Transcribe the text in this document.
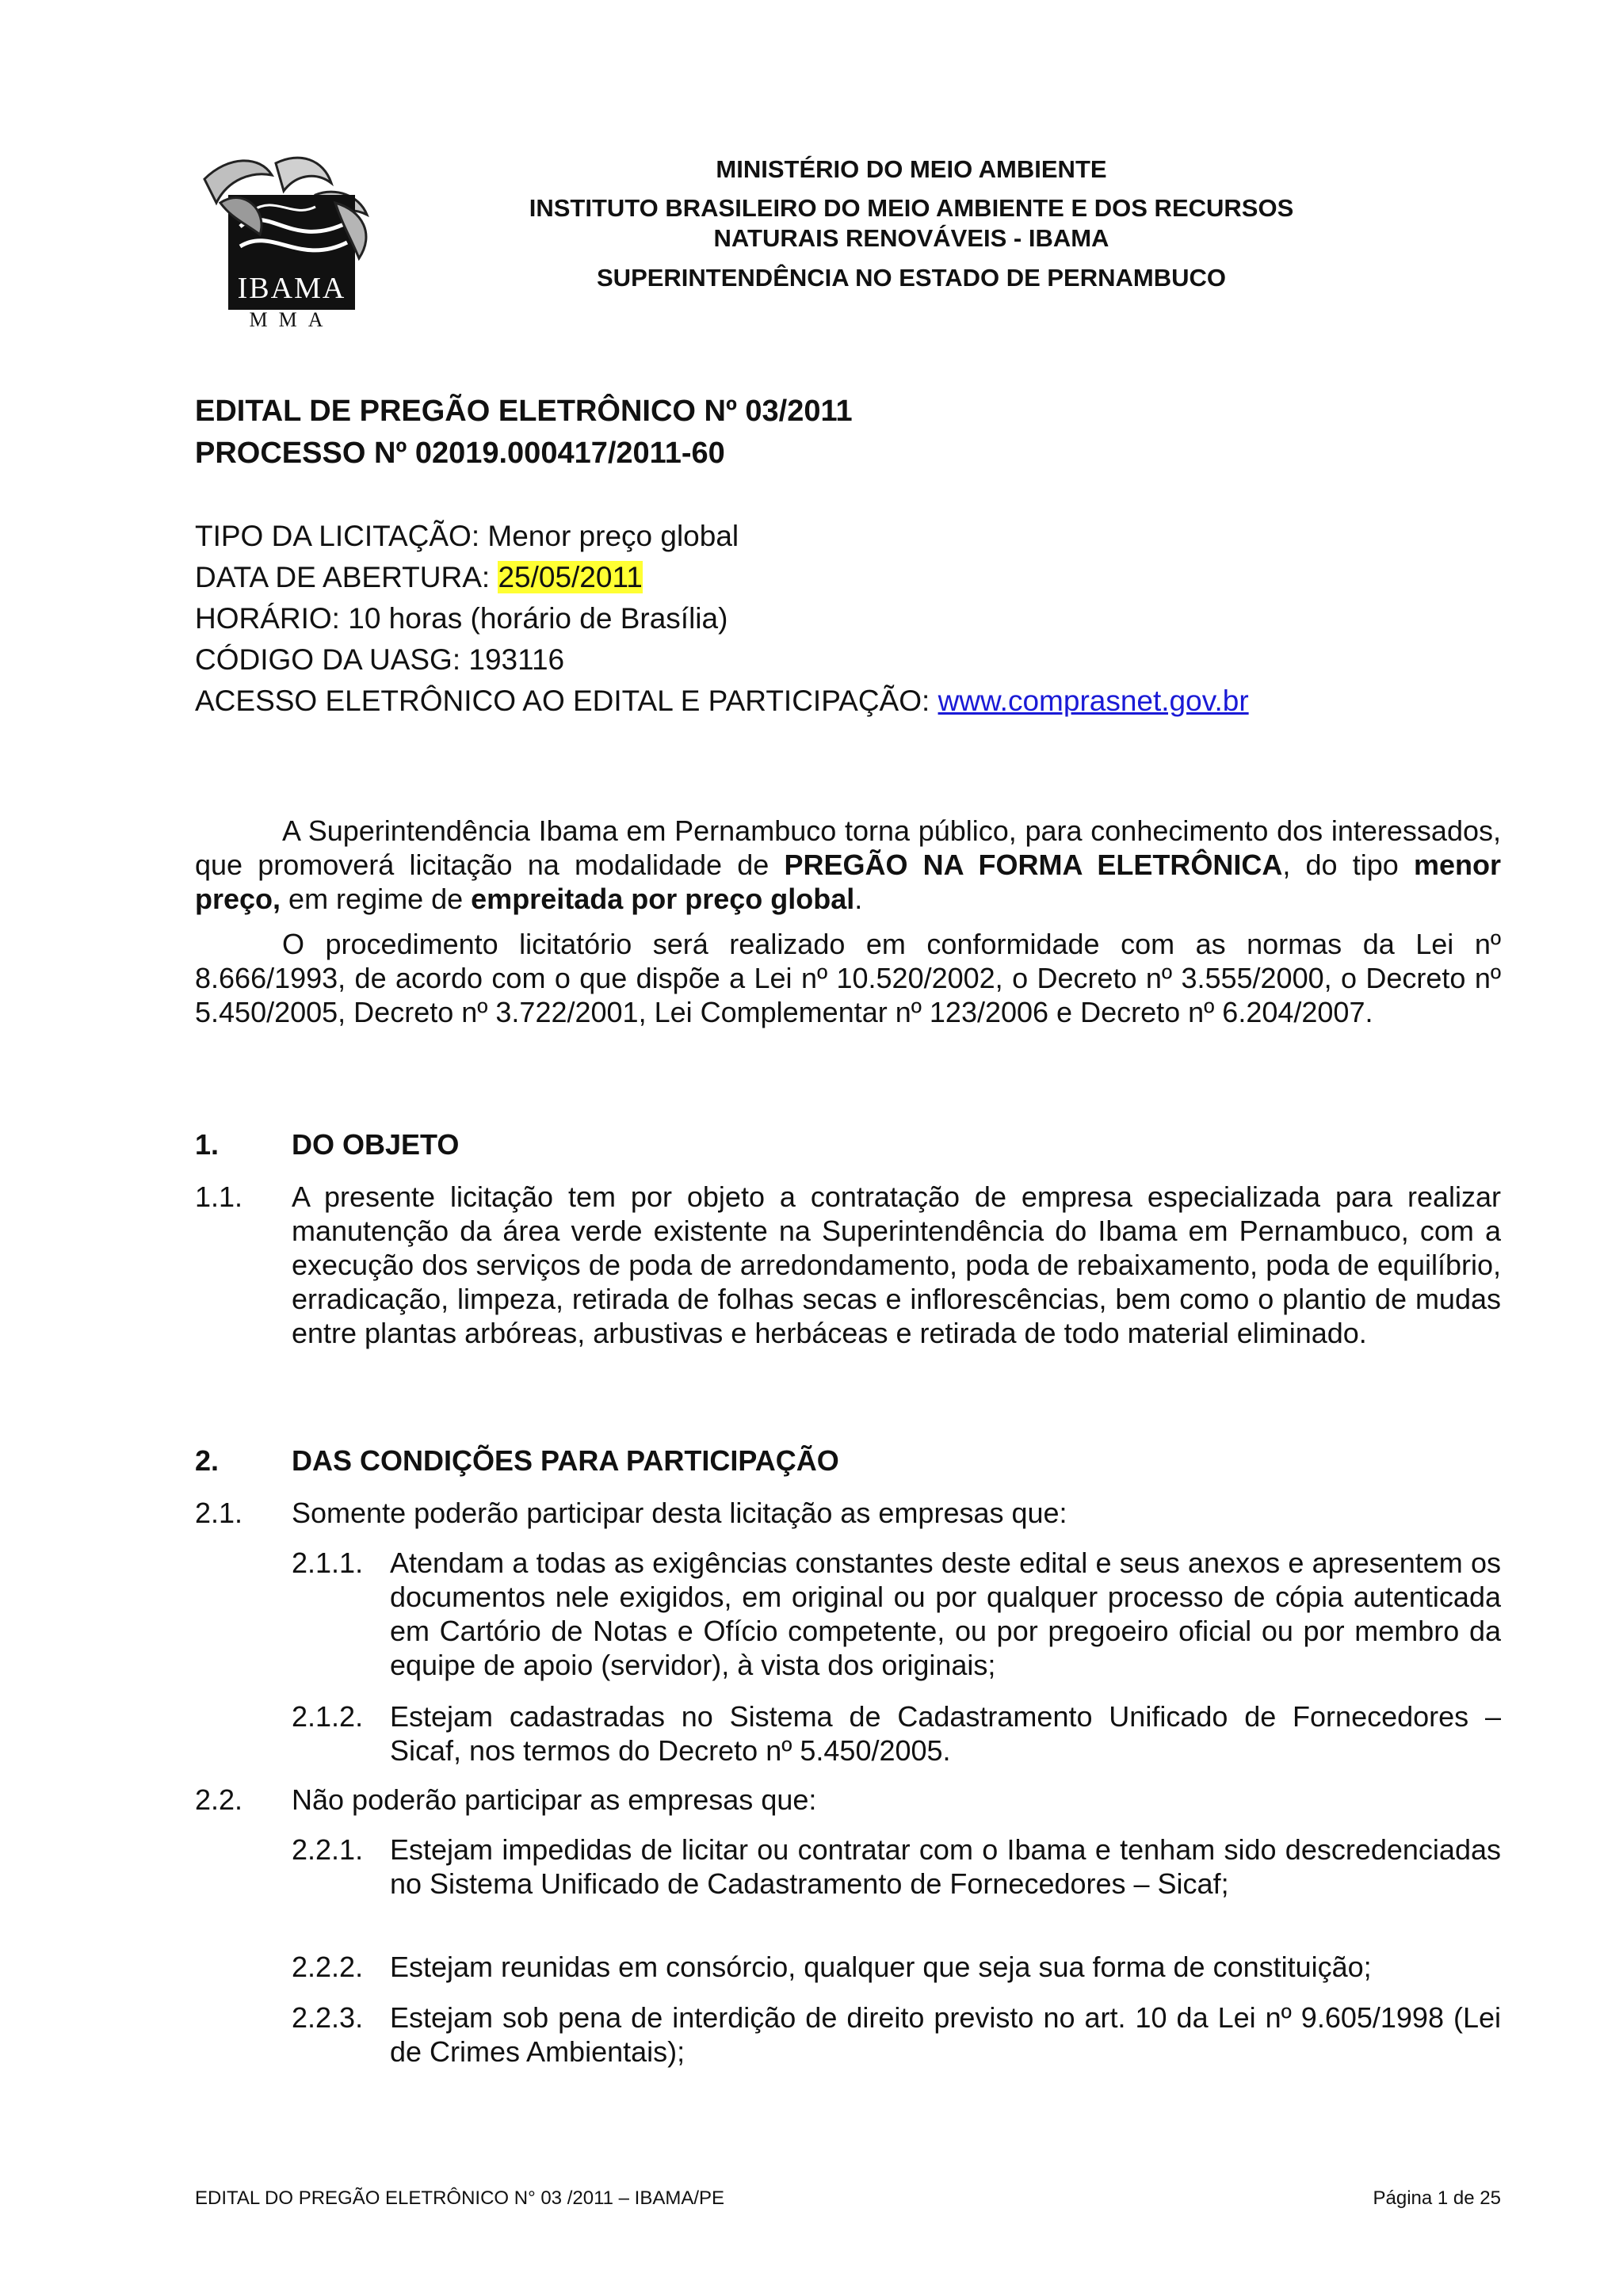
IBAMA
MMA

MINISTÉRIO DO MEIO AMBIENTE

INSTITUTO BRASILEIRO DO MEIO AMBIENTE E DOS RECURSOS

NATURAIS RENOVÁVEIS - IBAMA

SUPERINTENDÊNCIA NO ESTADO DE PERNAMBUCO

EDITAL DE PREGÃO ELETRÔNICO Nº 03/2011

PROCESSO Nº 02019.000417/2011-60

TIPO DA LICITAÇÃO: Menor preço global

DATA DE ABERTURA: 25/05/2011

HORÁRIO: 10 horas (horário de Brasília)

CÓDIGO DA UASG: 193116

ACESSO ELETRÔNICO AO EDITAL E PARTICIPAÇÃO: www.comprasnet.gov.br

A Superintendência Ibama em Pernambuco torna público, para conhecimento dos interessados, que promoverá licitação na modalidade de PREGÃO NA FORMA ELETRÔNICA, do tipo menor preço, em regime de empreitada por preço global.

O procedimento licitatório será realizado em conformidade com as normas da Lei nº 8.666/1993, de acordo com o que dispõe a Lei nº 10.520/2002, o Decreto nº 3.555/2000, o Decreto nº 5.450/2005, Decreto nº 3.722/2001, Lei Complementar nº 123/2006 e Decreto nº 6.204/2007.

1.	DO OBJETO

1.1. A presente licitação tem por objeto a contratação de empresa especializada para realizar manutenção da área verde existente na Superintendência do Ibama em Pernambuco, com a execução dos serviços de poda de arredondamento, poda de rebaixamento, poda de equilíbrio, erradicação, limpeza, retirada de folhas secas e inflorescências, bem como o plantio de mudas entre plantas arbóreas, arbustivas e herbáceas e retirada de todo material eliminado.

2.	DAS CONDIÇÕES PARA PARTICIPAÇÃO

2.1. Somente poderão participar desta licitação as empresas que:

2.1.1. Atendam a todas as exigências constantes deste edital e seus anexos e apresentem os documentos nele exigidos, em original ou por qualquer processo de cópia autenticada em Cartório de Notas e Ofício competente, ou por pregoeiro oficial ou por membro da equipe de apoio (servidor), à vista dos originais;

2.1.2. Estejam cadastradas no Sistema de Cadastramento Unificado de Fornecedores – Sicaf, nos termos do Decreto nº 5.450/2005.

2.2. Não poderão participar as empresas que:

2.2.1. Estejam impedidas de licitar ou contratar com o Ibama e tenham sido descredenciadas no Sistema Unificado de Cadastramento de Fornecedores – Sicaf;

2.2.2. Estejam reunidas em consórcio, qualquer que seja sua forma de constituição;

2.2.3. Estejam sob pena de interdição de direito previsto no art. 10 da Lei nº 9.605/1998 (Lei de Crimes Ambientais);

EDITAL DO PREGÃO ELETRÔNICO N° 03 /2011 – IBAMA/PE	Página 1 de 25
